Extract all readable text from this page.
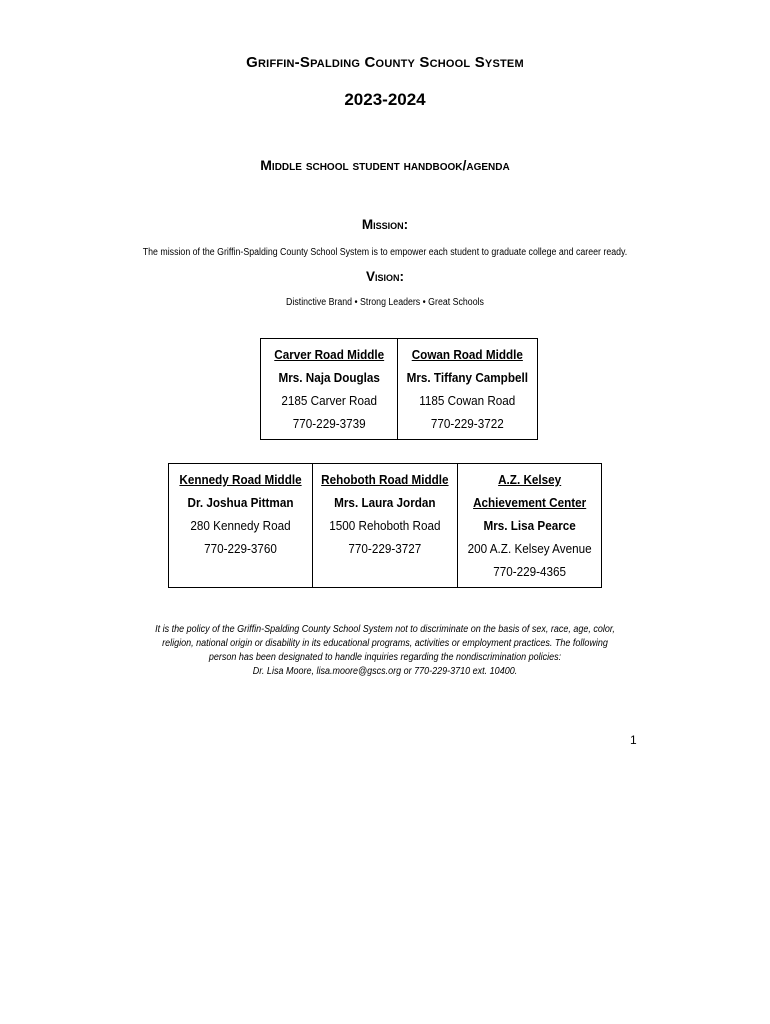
Griffin-Spalding County School System
2023-2024
Middle school student handbook/agenda
Mission:
The mission of the Griffin-Spalding County School System is to empower each student to graduate college and career ready.
Vision:
Distinctive Brand • Strong Leaders • Great Schools
Carver Road Middle
Mrs. Naja Douglas
2185 Carver Road
770-229-3739

Cowan Road Middle
Mrs. Tiffany Campbell
1185 Cowan Road
770-229-3722
Kennedy Road Middle
Dr. Joshua Pittman
280 Kennedy Road
770-229-3760

Rehoboth Road Middle
Mrs. Laura Jordan
1500 Rehoboth Road
770-229-3727

A.Z. Kelsey
Achievement Center
Mrs. Lisa Pearce
200 A.Z. Kelsey Avenue
770-229-4365
It is the policy of the Griffin-Spalding County School System not to discriminate on the basis of sex, race, age, color,
religion, national origin or disability in its educational programs, activities or employment practices. The following
person has been designated to handle inquiries regarding the nondiscrimination policies:
Dr. Lisa Moore, lisa.moore@gscs.org or 770-229-3710 ext. 10400.
1
